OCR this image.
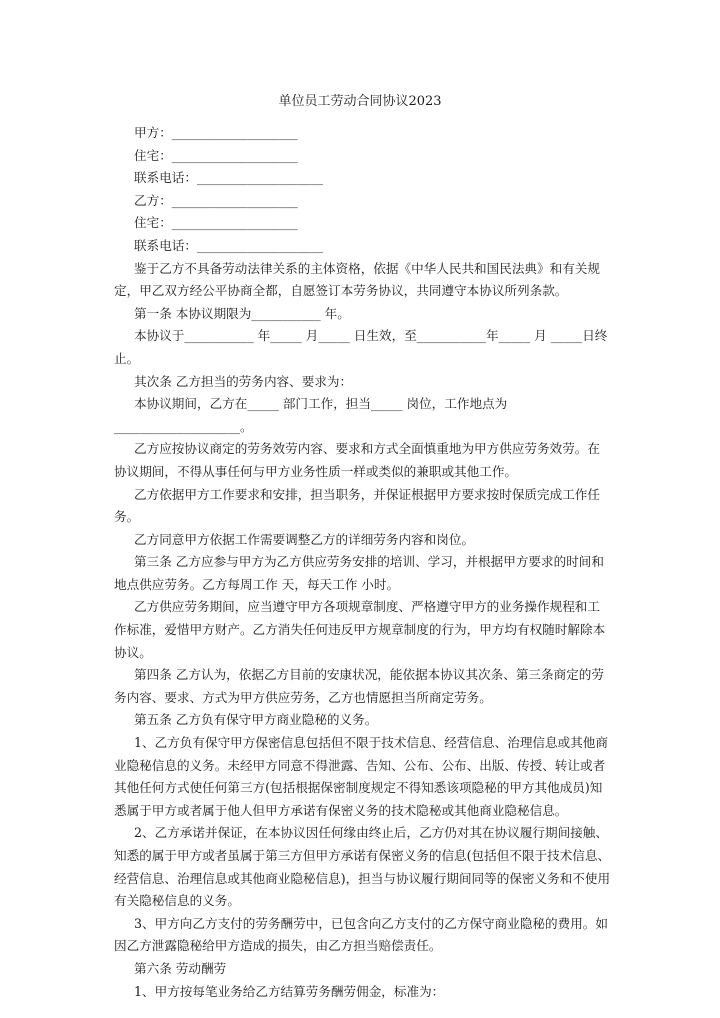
单位员工劳动合同协议2023

甲方：____________________

住宅：____________________

联系电话：____________________

乙方：____________________

住宅：____________________

联系电话：____________________

鉴于乙方不具备劳动法律关系的主体资格，依据《中华人民共和国民法典》和有关规定，甲乙双方经公平协商全都，自愿签订本劳务协议，共同遵守本协议所列条款。

第一条 本协议期限为___________ 年。

本协议于___________ 年_____ 月_____ 日生效，至___________年_____ 月 _____日终止。

其次条 乙方担当的劳务内容、要求为：

本协议期间，乙方在_____ 部门工作，担当_____ 岗位，工作地点为____________________。

乙方应按协议商定的劳务效劳内容、要求和方式全面慎重地为甲方供应劳务效劳。在协议期间，不得从事任何与甲方业务性质一样或类似的兼职或其他工作。

乙方依据甲方工作要求和安排，担当职务，并保证根据甲方要求按时保质完成工作任务。

乙方同意甲方依据工作需要调整乙方的详细劳务内容和岗位。

第三条 乙方应参与甲方为乙方供应劳务安排的培训、学习，并根据甲方要求的时间和地点供应劳务。乙方每周工作 天，每天工作 小时。

乙方供应劳务期间，应当遵守甲方各项规章制度、严格遵守甲方的业务操作规程和工作标准，爱惜甲方财产。乙方消失任何违反甲方规章制度的行为，甲方均有权随时解除本协议。

第四条 乙方认为，依据乙方目前的安康状况，能依据本协议其次条、第三条商定的劳务内容、要求、方式为甲方供应劳务，乙方也情愿担当所商定劳务。

第五条 乙方负有保守甲方商业隐秘的义务。

1、乙方负有保守甲方保密信息包括但不限于技术信息、经营信息、治理信息或其他商业隐秘信息的义务。未经甲方同意不得泄露、告知、公布、公布、出版、传授、转让或者其他任何方式使任何第三方(包括根据保密制度规定不得知悉该项隐秘的甲方其他成员)知悉属于甲方或者属于他人但甲方承诺有保密义务的技术隐秘或其他商业隐秘信息。

2、乙方承诺并保证，在本协议因任何缘由终止后，乙方仍对其在协议履行期间接触、知悉的属于甲方或者虽属于第三方但甲方承诺有保密义务的信息(包括但不限于技术信息、经营信息、治理信息或其他商业隐秘信息)，担当与协议履行期间同等的保密义务和不使用有关隐秘信息的义务。

3、甲方向乙方支付的劳务酬劳中，已包含向乙方支付的乙方保守商业隐秘的费用。如因乙方泄露隐秘给甲方造成的损失，由乙方担当赔偿责任。

第六条 劳动酬劳

1、甲方按每笔业务给乙方结算劳务酬劳佣金，标准为：
